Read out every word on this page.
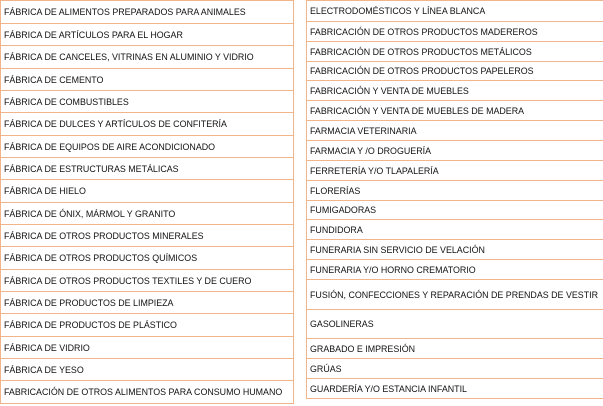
FÁBRICA DE ALIMENTOS PREPARADOS PARA ANIMALES
FÁBRICA DE ARTÍCULOS PARA EL HOGAR
FÁBRICA DE CANCELES, VITRINAS EN ALUMINIO Y VIDRIO
FÁBRICA DE CEMENTO
FÁBRICA DE COMBUSTIBLES
FÁBRICA DE DULCES Y ARTÍCULOS DE CONFITERÍA
FÁBRICA DE EQUIPOS DE AIRE ACONDICIONADO
FÁBRICA DE ESTRUCTURAS METÁLICAS
FÁBRICA DE HIELO
FÁBRICA DE ÓNIX, MÁRMOL Y GRANITO
FÁBRICA DE OTROS PRODUCTOS MINERALES
FÁBRICA DE OTROS PRODUCTOS QUÍMICOS
FÁBRICA DE OTROS PRODUCTOS TEXTILES Y DE CUERO
FÁBRICA DE PRODUCTOS DE LIMPIEZA
FÁBRICA DE PRODUCTOS DE PLÁSTICO
FÁBRICA DE VIDRIO
FÁBRICA DE YESO
FABRICACIÓN DE OTROS ALIMENTOS PARA CONSUMO HUMANO
ELECTRODOMÉSTICOS Y LÍNEA BLANCA
FABRICACIÓN DE OTROS PRODUCTOS MADEREROS
FABRICACIÓN DE OTROS PRODUCTOS METÁLICOS
FABRICACIÓN DE OTROS PRODUCTOS PAPELEROS
FABRICACIÓN Y VENTA DE MUEBLES
FABRICACIÓN Y VENTA DE MUEBLES DE MADERA
FARMACIA VETERINARIA
FARMACIA Y /O DROGUERÍA
FERRETERÍA Y/O TLAPALERÍA
FLORERÍAS
FUMIGADORAS
FUNDIDORA
FUNERARIA SIN SERVICIO DE VELACIÓN
FUNERARIA Y/O HORNO CREMATORIO
FUSIÓN, CONFECCIONES Y REPARACIÓN DE PRENDAS DE VESTIR
GASOLINERAS
GRABADO E IMPRESIÓN
GRÚAS
GUARDERÍA Y/O ESTANCIA INFANTIL
